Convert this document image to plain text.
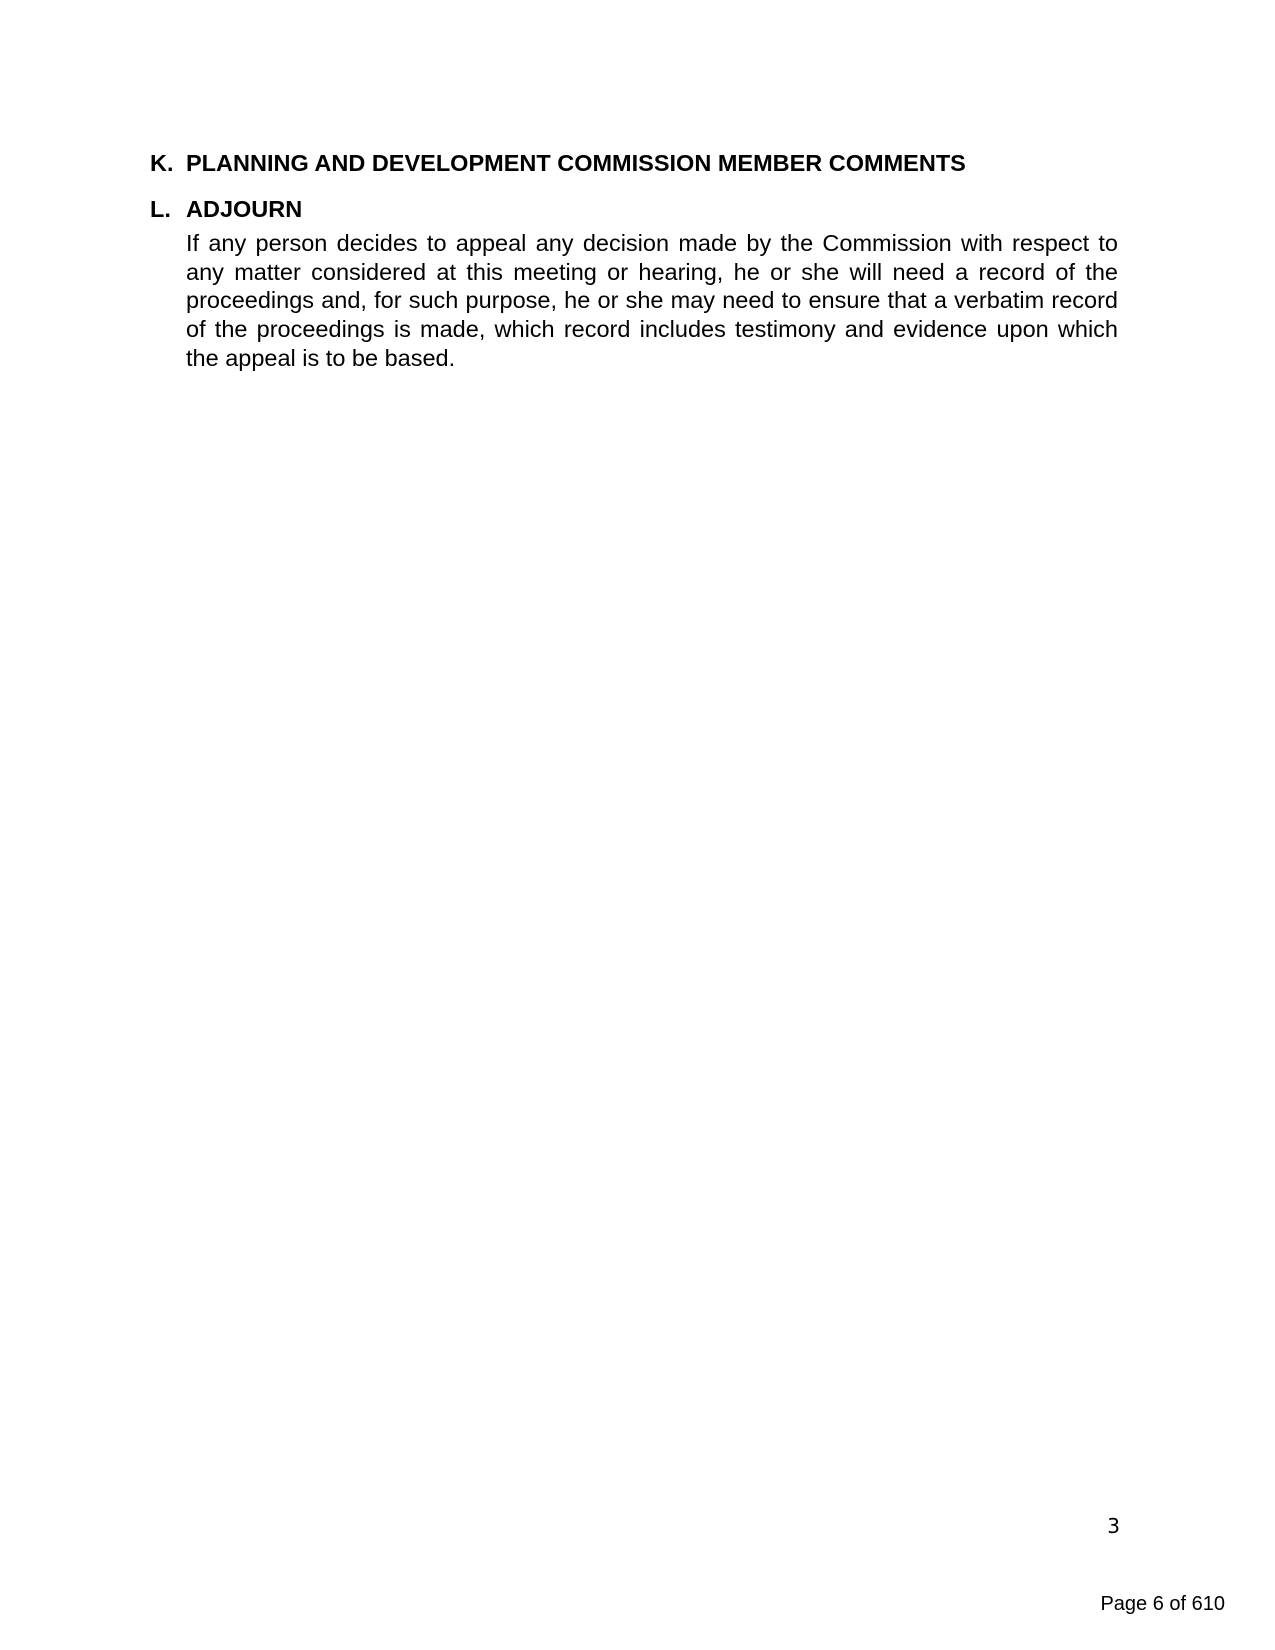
K. PLANNING AND DEVELOPMENT COMMISSION MEMBER COMMENTS
L. ADJOURN

If any person decides to appeal any decision made by the Commission with respect to any matter considered at this meeting or hearing, he or she will need a record of the proceedings and, for such purpose, he or she may need to ensure that a verbatim record of the proceedings is made, which record includes testimony and evidence upon which the appeal is to be based.

3
Page 6 of 610
